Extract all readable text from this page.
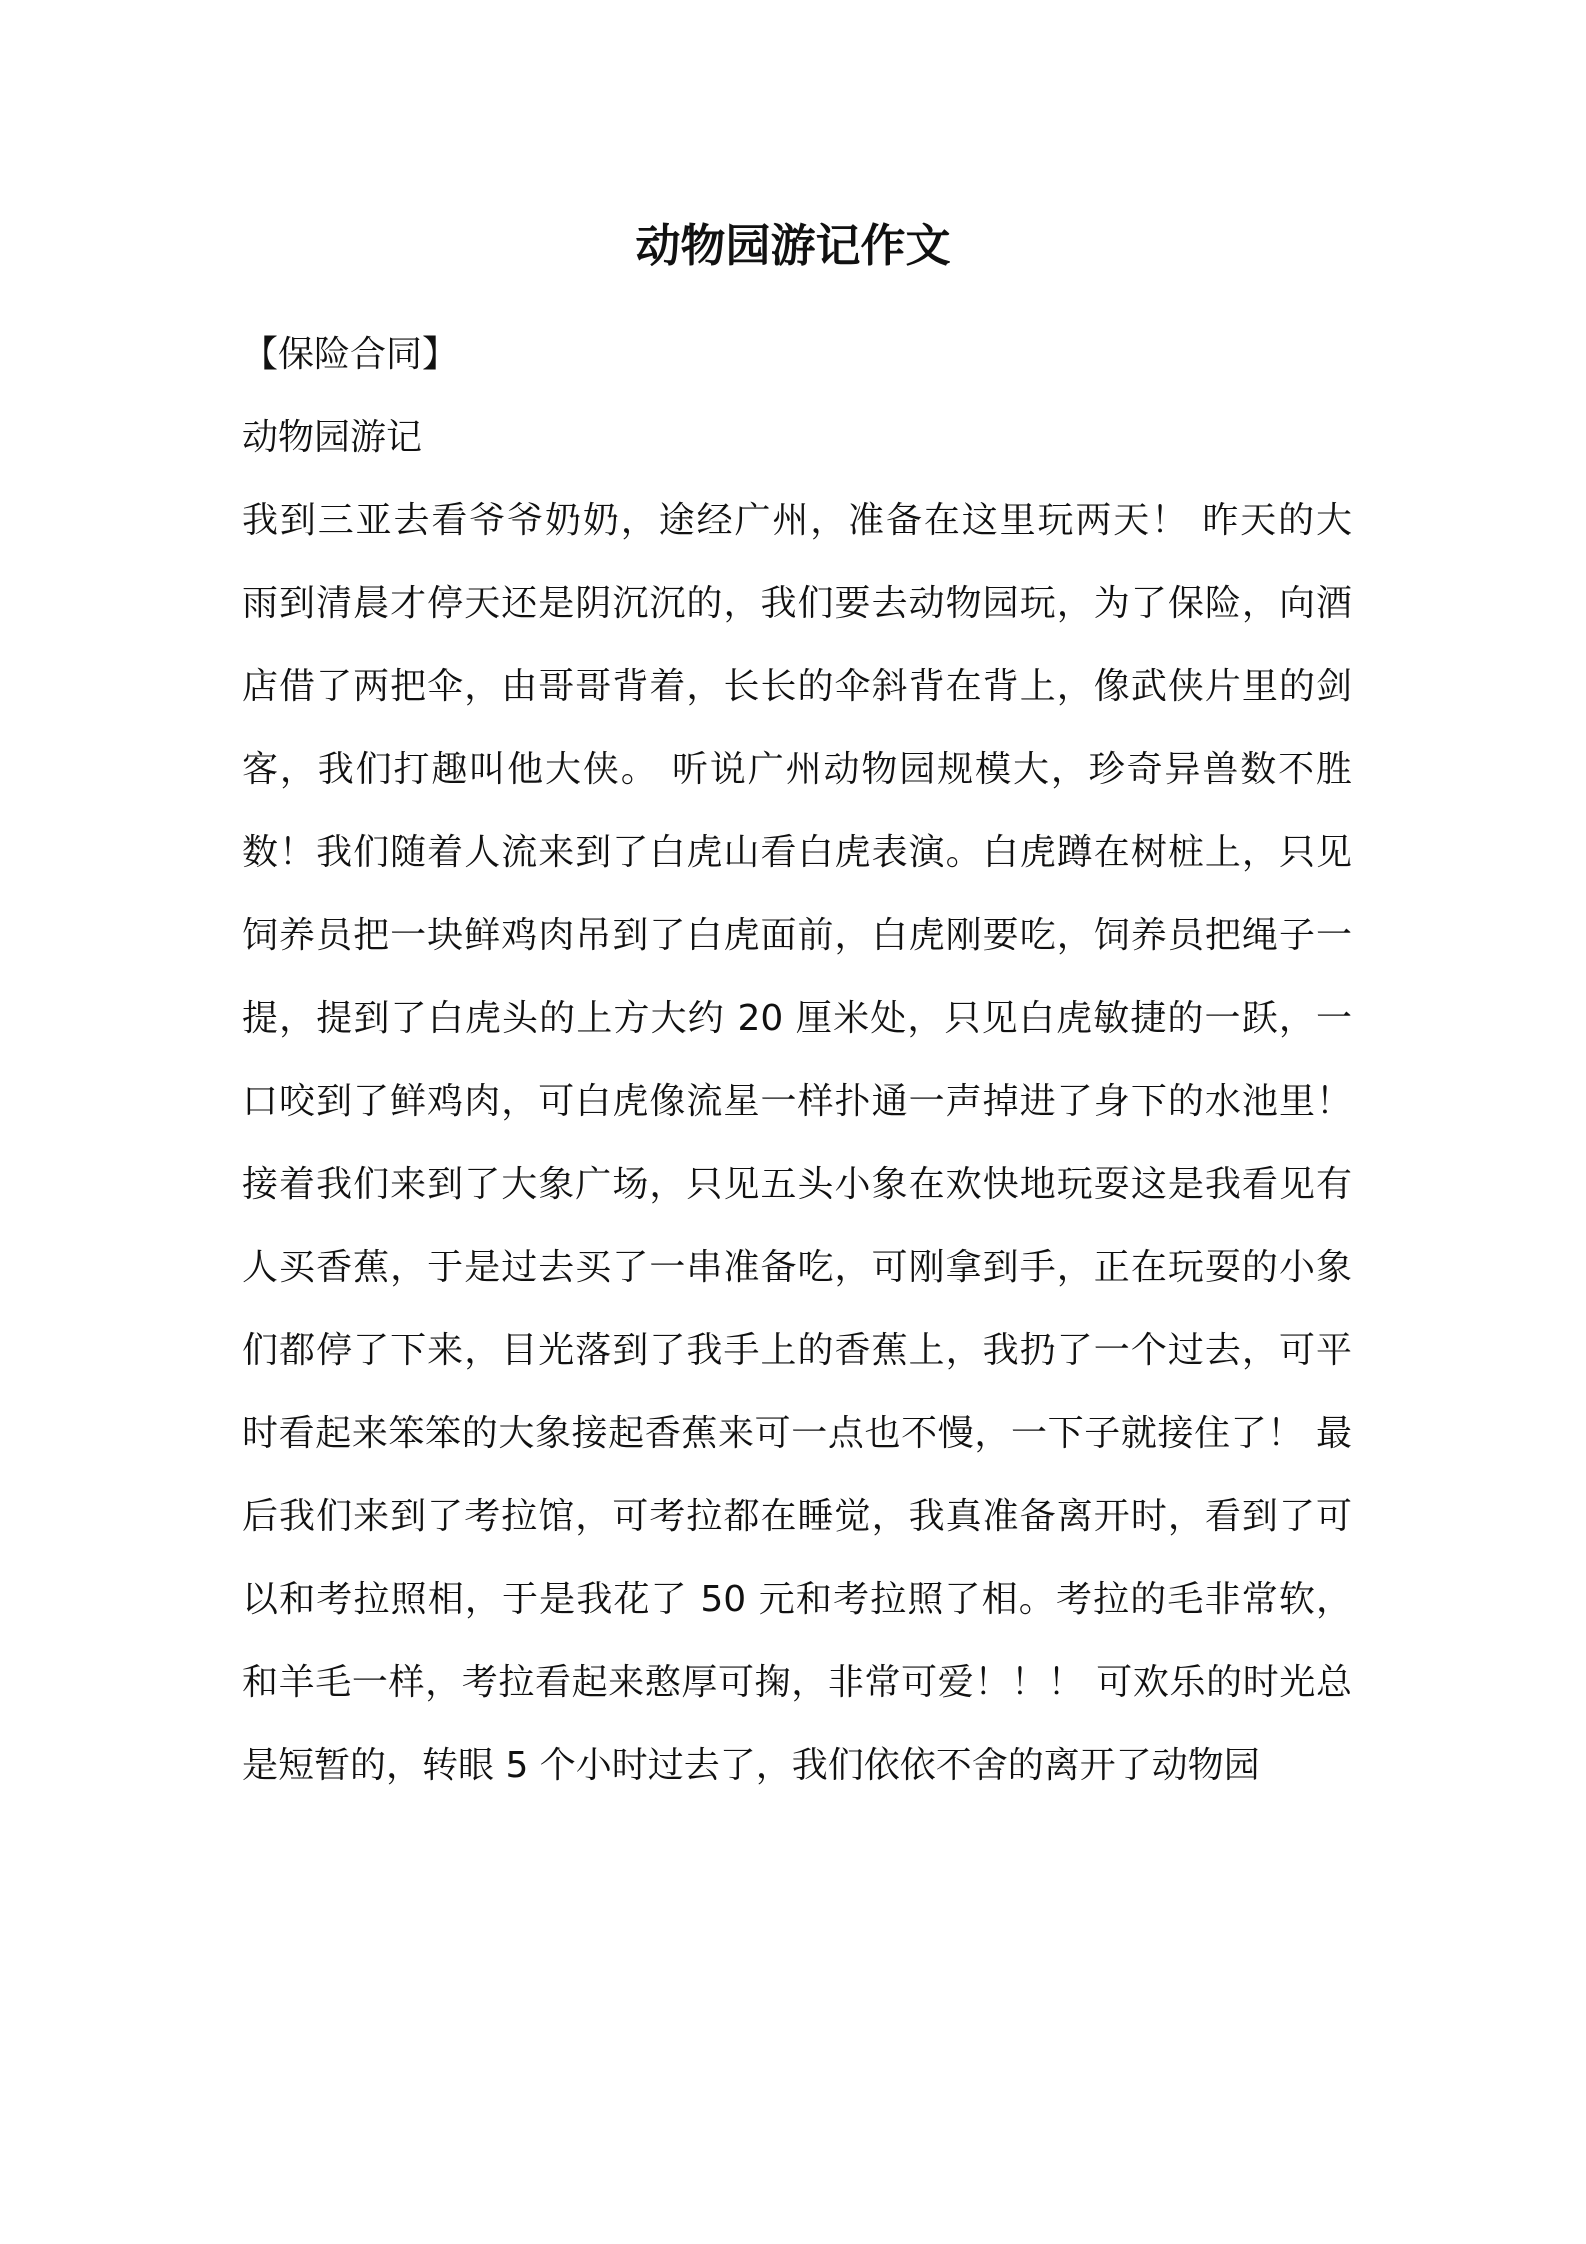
动物园游记作文

【保险合同】

动物园游记

我到三亚去看爷爷奶奶，途经广州，准备在这里玩两天！ 昨天的大

雨到清晨才停天还是阴沉沉的，我们要去动物园玩，为了保险，向酒

店借了两把伞，由哥哥背着，长长的伞斜背在背上，像武侠片里的剑

客，我们打趣叫他大侠。 听说广州动物园规模大，珍奇异兽数不胜

数！我们随着人流来到了白虎山看白虎表演。白虎蹲在树桩上，只见

饲养员把一块鲜鸡肉吊到了白虎面前，白虎刚要吃，饲养员把绳子一

提，提到了白虎头的上方大约 20 厘米处，只见白虎敏捷的一跃，一

口咬到了鲜鸡肉，可白虎像流星一样扑通一声掉进了身下的水池里！

接着我们来到了大象广场，只见五头小象在欢快地玩耍这是我看见有

人买香蕉，于是过去买了一串准备吃，可刚拿到手，正在玩耍的小象

们都停了下来，目光落到了我手上的香蕉上，我扔了一个过去，可平

时看起来笨笨的大象接起香蕉来可一点也不慢，一下子就接住了！ 最

后我们来到了考拉馆，可考拉都在睡觉，我真准备离开时，看到了可

以和考拉照相，于是我花了 50 元和考拉照了相。考拉的毛非常软，

和羊毛一样，考拉看起来憨厚可掬，非常可爱！！！ 可欢乐的时光总

是短暂的，转眼 5 个小时过去了，我们依依不舍的离开了动物园
